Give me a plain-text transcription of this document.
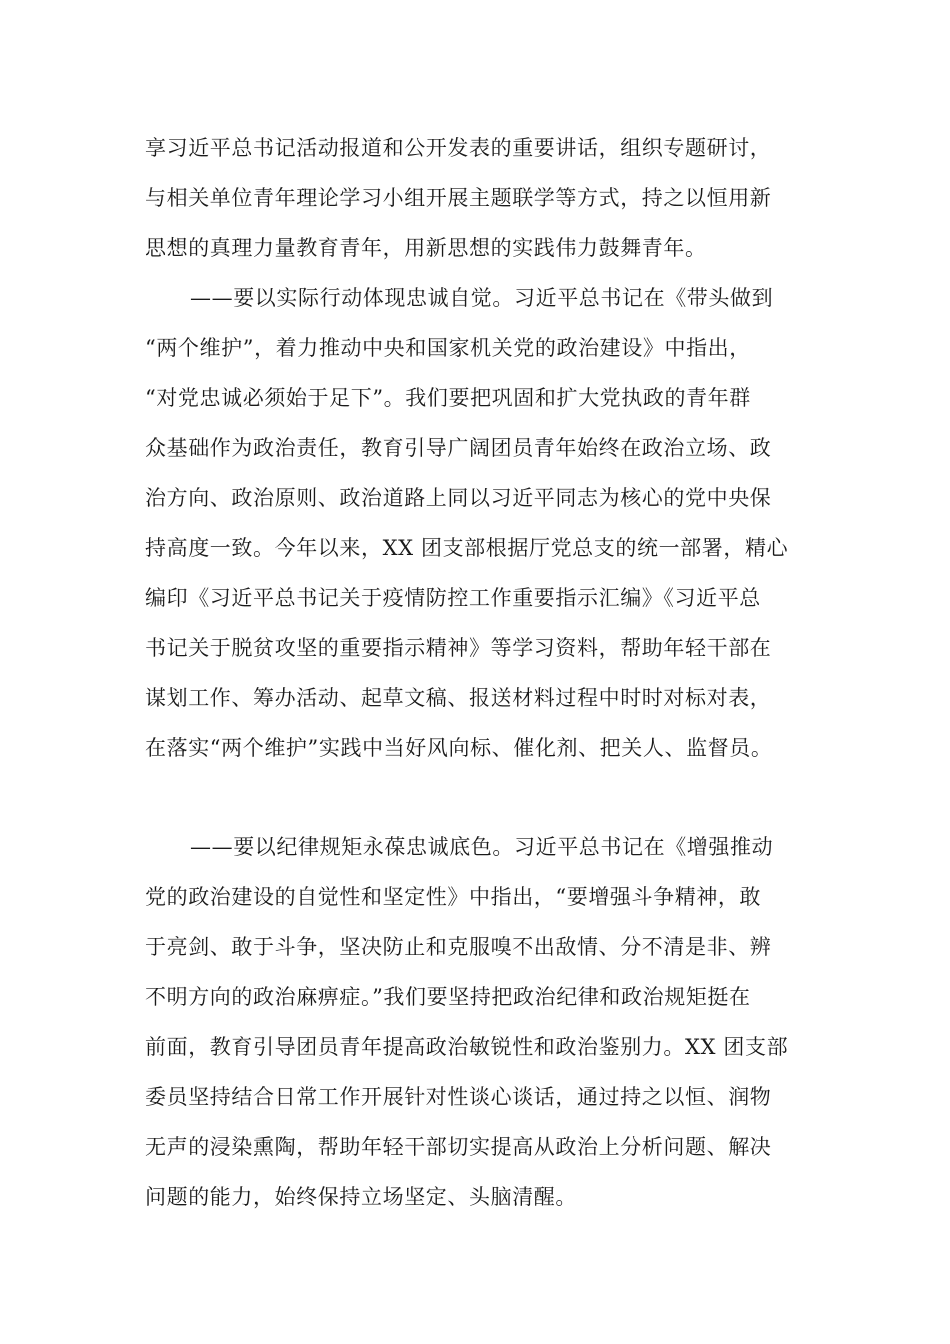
享习近平总书记活动报道和公开发表的重要讲话，组织专题研讨，
与相关单位青年理论学习小组开展主题联学等方式，持之以恒用新
思想的真理力量教育青年，用新思想的实践伟力鼓舞青年。
——要以实际行动体现忠诚自觉。习近平总书记在《带头做到
“两个维护”，着力推动中央和国家机关党的政治建设》中指出，
“对党忠诚必须始于足下”。我们要把巩固和扩大党执政的青年群
众基础作为政治责任，教育引导广阔团员青年始终在政治立场、政
治方向、政治原则、政治道路上同以习近平同志为核心的党中央保
持高度一致。今年以来，XX 团支部根据厅党总支的统一部署，精心
编印《习近平总书记关于疫情防控工作重要指示汇编》《习近平总
书记关于脱贫攻坚的重要指示精神》等学习资料，帮助年轻干部在
谋划工作、筹办活动、起草文稿、报送材料过程中时时对标对表，
在落实“两个维护”实践中当好风向标、催化剂、把关人、监督员。
——要以纪律规矩永葆忠诚底色。习近平总书记在《增强推动
党的政治建设的自觉性和坚定性》中指出，“要增强斗争精神，敢
于亮剑、敢于斗争，坚决防止和克服嗅不出敌情、分不清是非、辨
不明方向的政治麻痹症。”我们要坚持把政治纪律和政治规矩挺在
前面，教育引导团员青年提高政治敏锐性和政治鉴别力。XX 团支部
委员坚持结合日常工作开展针对性谈心谈话，通过持之以恒、润物
无声的浸染熏陶，帮助年轻干部切实提高从政治上分析问题、解决
问题的能力，始终保持立场坚定、头脑清醒。
